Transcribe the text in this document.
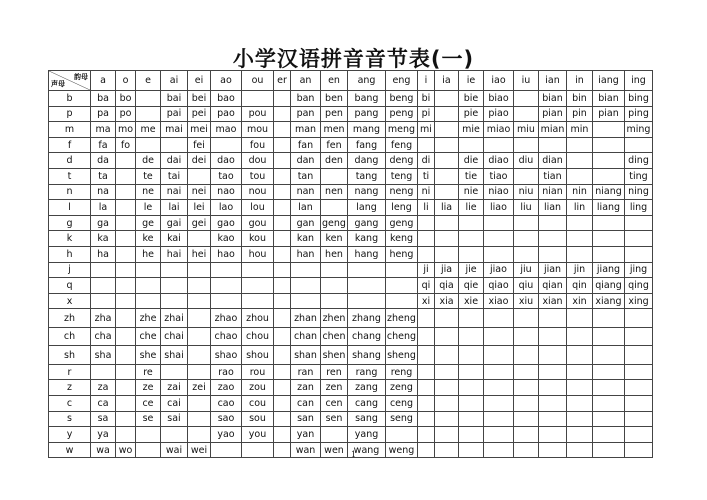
小学汉语拼音音节表(一)
韵母
声母	a	o	e	ai	ei	ao	ou	er	an	en	ang	eng	i	ia	ie	iao	iu	ian	in	iang	ing
b	ba	bo		bai	bei	bao			ban	ben	bang	beng	bi		bie	biao		bian	bin	bian	bing
p	pa	po		pai	pei	pao	pou		pan	pen	pang	peng	pi		pie	piao		pian	pin	pian	ping
m	ma	mo	me	mai	mei	mao	mou		man	men	mang	meng	mi		mie	miao	miu	mian	min		ming
f	fa	fo			fei		fou		fan	fen	fang	feng									
d	da		de	dai	dei	dao	dou		dan	den	dang	deng	di		die	diao	diu	dian			ding
t	ta		te	tai		tao	tou		tan		tang	teng	ti		tie	tiao		tian			ting
n	na		ne	nai	nei	nao	nou		nan	nen	nang	neng	ni		nie	niao	niu	nian	nin	niang	ning
l	la		le	lai	lei	lao	lou		lan		lang	leng	li	lia	lie	liao	liu	lian	lin	liang	ling
g	ga		ge	gai	gei	gao	gou		gan	geng	gang	geng									
k	ka		ke	kai		kao	kou		kan	ken	kang	keng									
h	ha		he	hai	hei	hao	hou		han	hen	hang	heng									
j													ji	jia	jie	jiao	jiu	jian	jin	jiang	jing
q													qi	qia	qie	qiao	qiu	qian	qin	qiang	qing
x													xi	xia	xie	xiao	xiu	xian	xin	xiang	xing
zh	zha		zhe	zhai		zhao	zhou		zhan	zhen	zhang	zheng									
ch	cha		che	chai		chao	chou		chan	chen	chang	cheng									
sh	sha		she	shai		shao	shou		shan	shen	shang	sheng									
r			re			rao	rou		ran	ren	rang	reng									
z	za		ze	zai	zei	zao	zou		zan	zen	zang	zeng									
c	ca		ce	cai		cao	cou		can	cen	cang	ceng									
s	sa		se	sai		sao	sou		san	sen	sang	seng									
y	ya					yao	you		yan		yang										
w	wa	wo		wai	wei				wan	wen	wang	weng									
1
